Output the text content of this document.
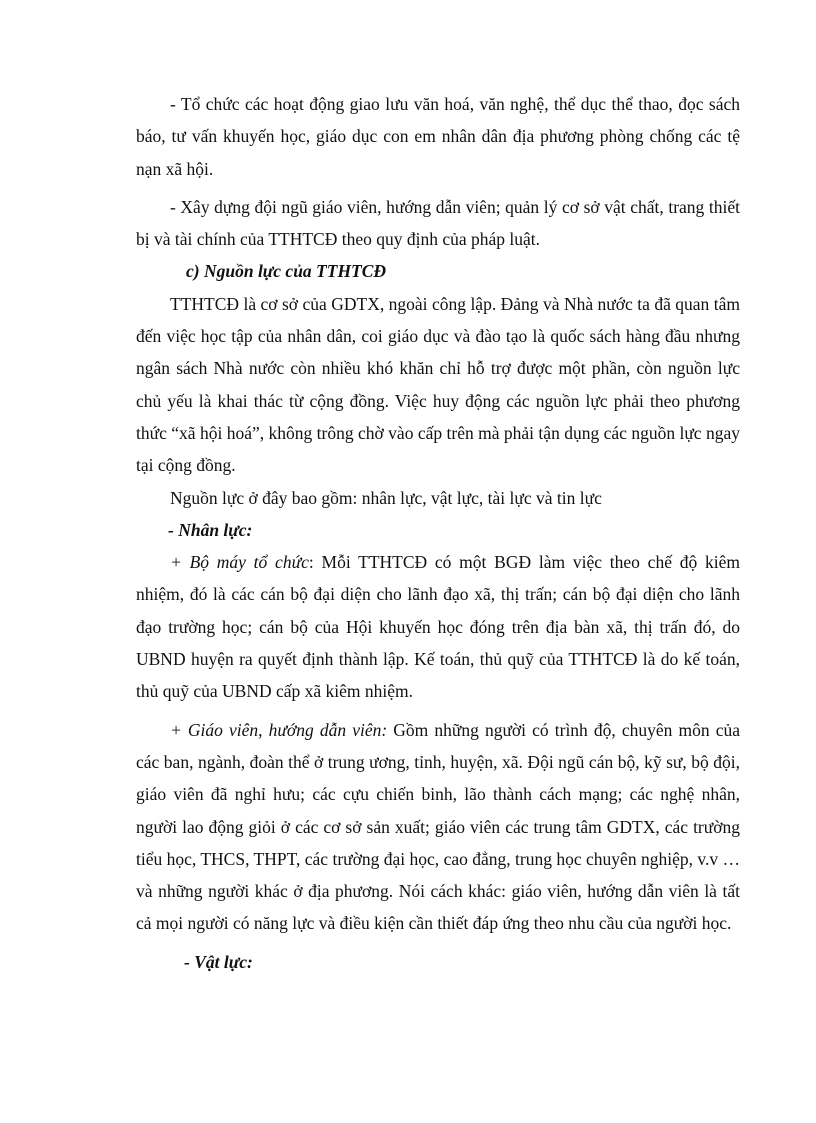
- Tổ chức các hoạt động giao lưu văn hoá, văn nghệ, thể dục thể thao, đọc sách báo, tư vấn khuyến học, giáo dục con em nhân dân địa phương phòng chống các tệ nạn xã hội.

- Xây dựng đội ngũ giáo viên, hướng dẫn viên; quản lý cơ sở vật chất, trang thiết bị và tài chính của TTHTCĐ theo quy định của pháp luật.

c) Nguồn lực của TTHTCĐ

TTHTCĐ là cơ sở của GDTX, ngoài công lập. Đảng và Nhà nước ta đã quan tâm đến việc học tập của nhân dân, coi giáo dục và đào tạo là quốc sách hàng đầu nhưng ngân sách Nhà nước còn nhiều khó khăn chỉ hỗ trợ được một phần, còn nguồn lực chủ yếu là khai thác từ cộng đồng. Việc huy động các nguồn lực phải theo phương thức “xã hội hoá”, không trông chờ vào cấp trên mà phải tận dụng các nguồn lực ngay tại cộng đồng.

Nguồn lực ở đây bao gồm: nhân lực, vật lực, tài lực và tin lực

- Nhân lực:

+ Bộ máy tổ chức: Mỗi TTHTCĐ có một BGĐ làm việc theo chế độ kiêm nhiệm, đó là các cán bộ đại diện cho lãnh đạo xã, thị trấn; cán bộ đại diện cho lãnh đạo trường học; cán bộ của Hội khuyến học đóng trên địa bàn xã, thị trấn đó, do UBND huyện ra quyết định thành lập. Kế toán, thủ quỹ của TTHTCĐ là do kế toán, thủ quỹ của UBND cấp xã kiêm nhiệm.

+ Giáo viên, hướng dẫn viên: Gồm những người có trình độ, chuyên môn của các ban, ngành, đoàn thể ở trung ương, tỉnh, huyện, xã. Đội ngũ cán bộ, kỹ sư, bộ đội, giáo viên đã nghỉ hưu; các cựu chiến binh, lão thành cách mạng; các nghệ nhân, người lao động giỏi ở các cơ sở sản xuất; giáo viên các trung tâm GDTX, các trường tiểu học, THCS, THPT, các trường đại học, cao đẳng, trung học chuyên nghiệp, v.v … và những người khác ở địa phương. Nói cách khác: giáo viên, hướng dẫn viên là tất cả mọi người có năng lực và điều kiện cần thiết đáp ứng theo nhu cầu của người học.

- Vật lực:
